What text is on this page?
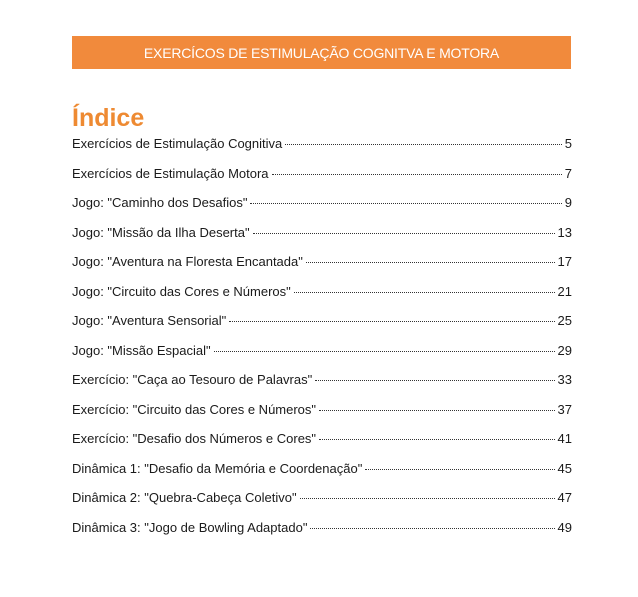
EXERCÍCOS DE ESTIMULAÇÃO COGNITVA E MOTORA
Índice
Exercícios de Estimulação Cognitiva	5
Exercícios de Estimulação Motora	7
Jogo: "Caminho dos Desafios"	9
Jogo: "Missão da Ilha Deserta"	13
Jogo: "Aventura na Floresta Encantada"	17
Jogo: "Circuito das Cores e Números"	21
Jogo: "Aventura Sensorial"	25
Jogo: "Missão Espacial"	29
Exercício: "Caça ao Tesouro de Palavras"	33
Exercício: "Circuito das Cores e Números"	37
Exercício: "Desafio dos Números e Cores"	41
Dinâmica 1: "Desafio da Memória e Coordenação"	45
Dinâmica 2: "Quebra-Cabeça Coletivo"	47
Dinâmica 3: "Jogo de Bowling Adaptado"	49
